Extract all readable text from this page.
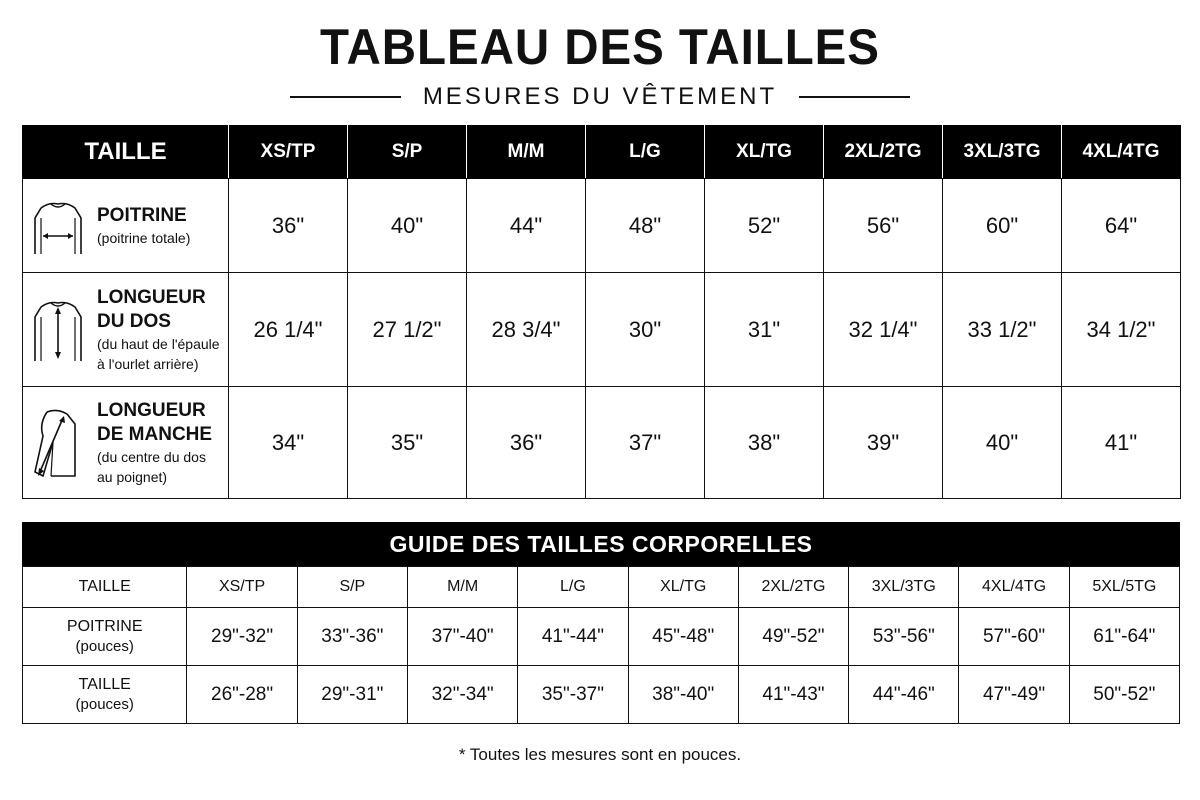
TABLEAU DES TAILLES
MESURES DU VÊTEMENT
TAILLE	XS/TP	S/P	M/M	L/G	XL/TG	2XL/2TG	3XL/3TG	4XL/4TG

POITRINE
(poitrine totale)	36"	40"	44"	48"	52"	56"	60"	64"

LONGUEUR
DU DOS
(du haut de l'épaule
à l'ourlet arrière)	26 1/4"	27 1/2"	28 3/4"	30"	31"	32 1/4"	33 1/2"	34 1/2"

LONGUEUR
DE MANCHE
(du centre du dos
au poignet)	34"	35"	36"	37"	38"	39"	40"	41"
GUIDE DES TAILLES CORPORELLES
TAILLE	XS/TP	S/P	M/M	L/G	XL/TG	2XL/2TG	3XL/3TG	4XL/4TG	5XL/5TG

POITRINE
(pouces)	29"-32"	33"-36"	37"-40"	41"-44"	45"-48"	49"-52"	53"-56"	57"-60"	61"-64"

TAILLE
(pouces)	26"-28"	29"-31"	32"-34"	35"-37"	38"-40"	41"-43"	44"-46"	47"-49"	50"-52"
* Toutes les mesures sont en pouces.
